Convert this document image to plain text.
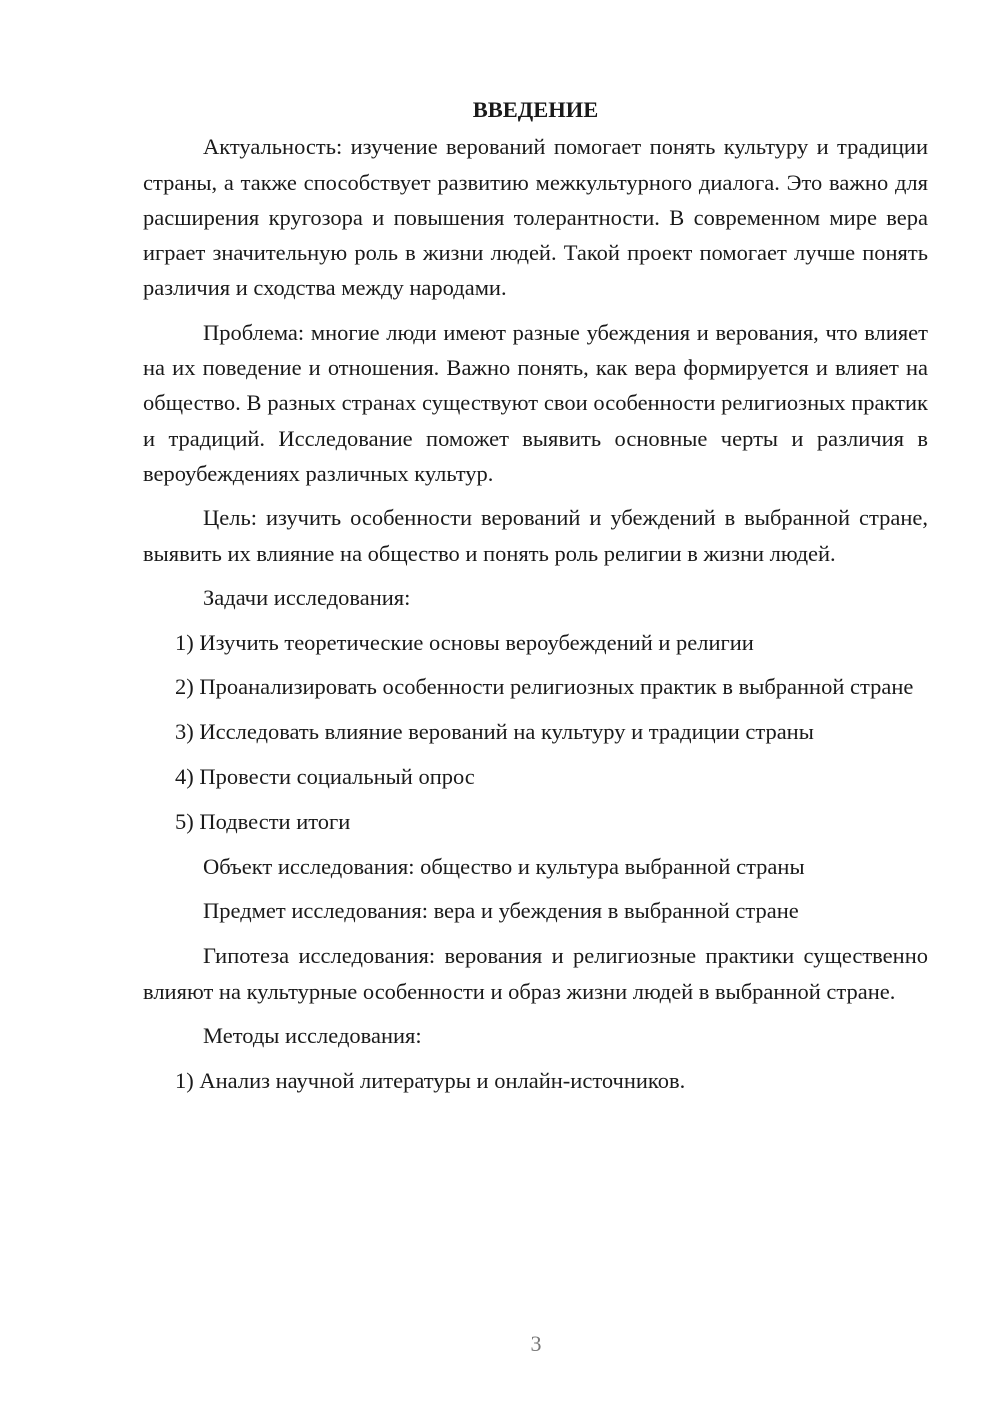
ВВЕДЕНИЕ

Актуальность: изучение верований помогает понять культуру и традиции страны, а также способствует развитию межкультурного диалога. Это важно для расширения кругозора и повышения толерантности. В современном мире вера играет значительную роль в жизни людей. Такой проект помогает лучше понять различия и сходства между народами.

Проблема: многие люди имеют разные убеждения и верования, что влияет на их поведение и отношения. Важно понять, как вера формируется и влияет на общество. В разных странах существуют свои особенности религиозных практик и традиций. Исследование поможет выявить основные черты и различия в вероубеждениях различных культур.

Цель: изучить особенности верований и убеждений в выбранной стране, выявить их влияние на общество и понять роль религии в жизни людей.

Задачи исследования:

1) Изучить теоретические основы вероубеждений и религии

2) Проанализировать особенности религиозных практик в выбранной стране

3) Исследовать влияние верований на культуру и традиции страны

4) Провести социальный опрос

5) Подвести итоги

Объект исследования: общество и культура выбранной страны

Предмет исследования: вера и убеждения в выбранной стране

Гипотеза исследования: верования и религиозные практики существенно влияют на культурные особенности и образ жизни людей в выбранной стране.

Методы исследования:

1) Анализ научной литературы и онлайн-источников.

3
